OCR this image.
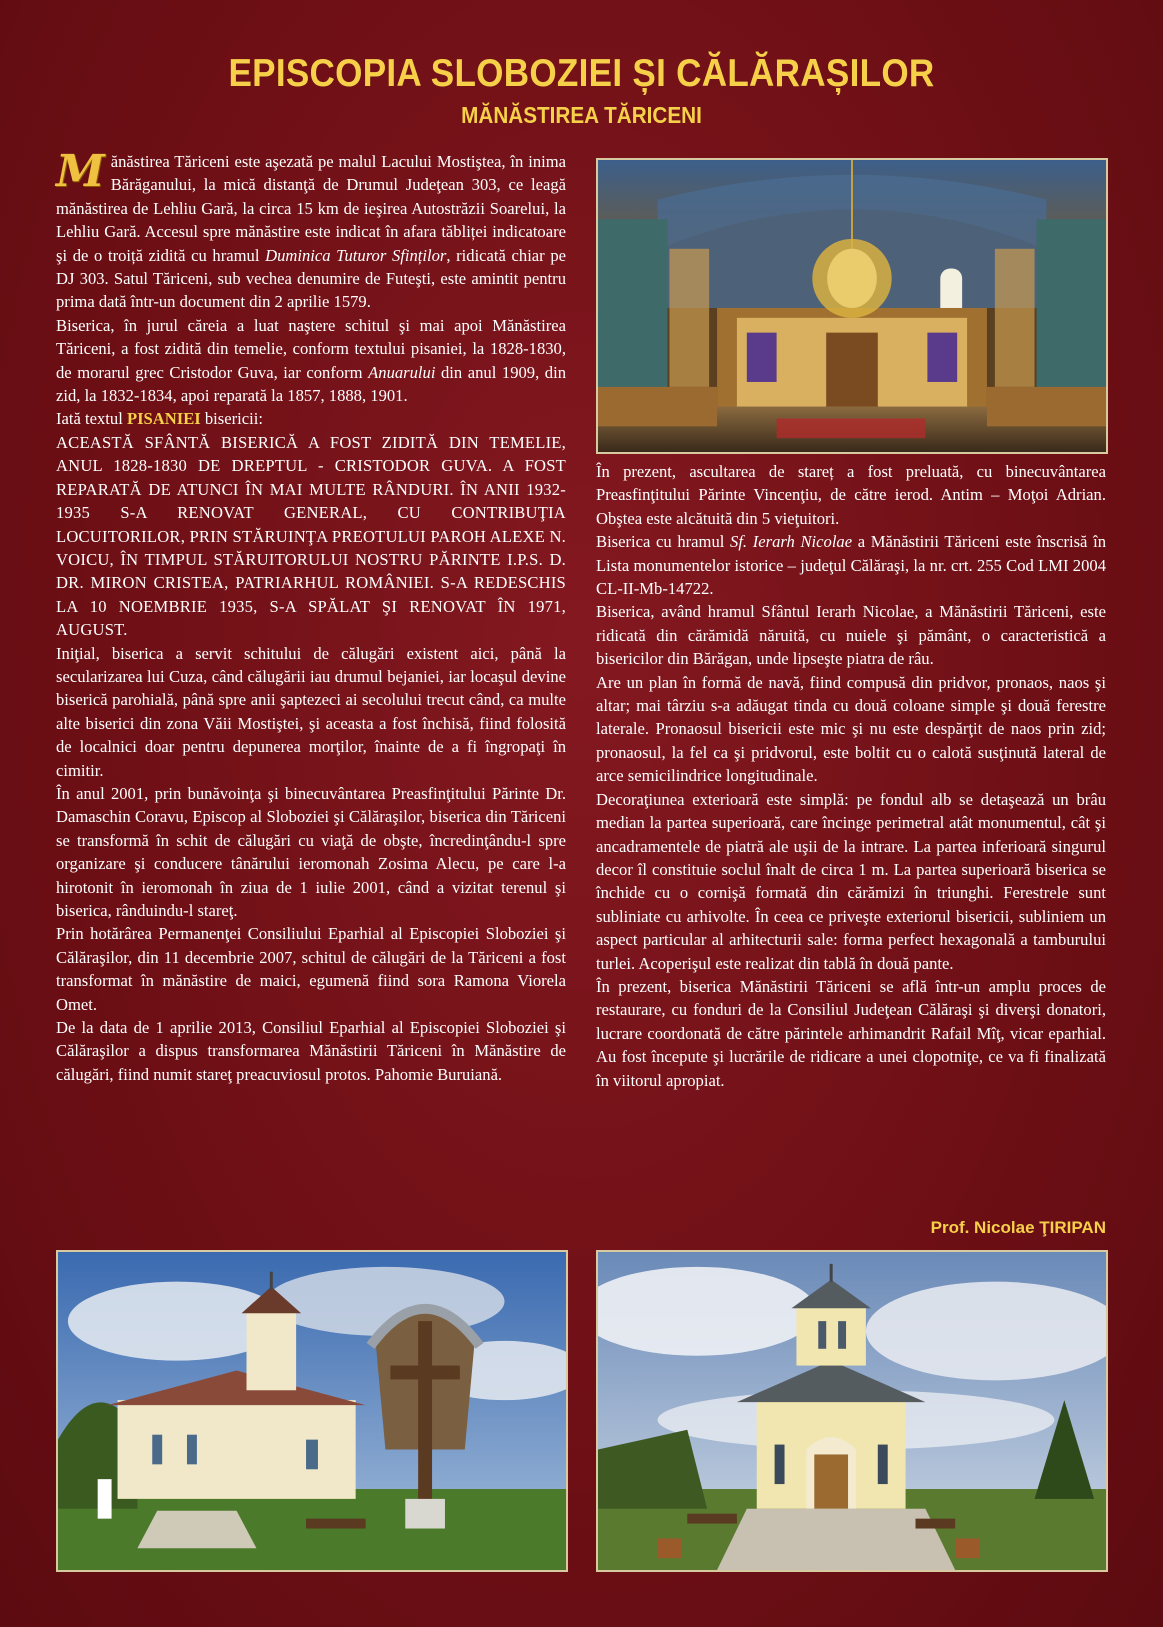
EPISCOPIA SLOBOZIEI ȘI CĂLĂRAȘILOR
MĂNĂSTIREA TĂRICENI

Mănăstirea Tăriceni este aşezată pe malul Lacului Mostiştea, în inima Bărăganului, la mică distanţă de Drumul Judeţean 303, ce leagă mănăstirea de Lehliu Gară, la circa 15 km de ieşirea Autostrăzii Soarelui, la Lehliu Gară. Accesul spre mănăstire este indicat în afara tăbliței indicatoare şi de o troiță zidită cu hramul Duminica Tuturor Sfinților, ridicată chiar pe DJ 303. Satul Tăriceni, sub vechea denumire de Futeşti, este amintit pentru prima dată într-un document din 2 aprilie 1579.

Biserica, în jurul căreia a luat naştere schitul şi mai apoi Mănăstirea Tăriceni, a fost zidită din temelie, conform textului pisaniei, la 1828-1830, de morarul grec Cristodor Guva, iar conform Anuarului din anul 1909, din zid, la 1832-1834, apoi reparată la 1857, 1888, 1901.

Iată textul PISANIEI bisericii:

ACEASTĂ SFÂNTĂ BISERICĂ A FOST ZIDITĂ DIN TEMELIE, ANUL 1828-1830 DE DREPTUL - CRISTODOR GUVA. A FOST REPARATĂ DE ATUNCI ÎN MAI MULTE RÂNDURI. ÎN ANII 1932-1935 S-A RENOVAT GENERAL, CU CONTRIBUŢIA LOCUITORILOR, PRIN STĂRUINŢA PREOTULUI PAROH ALEXE N. VOICU, ÎN TIMPUL STĂRUITORULUI NOSTRU PĂRINTE I.P.S. D. DR. MIRON CRISTEA, PATRIARHUL ROMÂNIEI. S-A REDESCHIS LA 10 NOEMBRIE 1935, S-A SPĂLAT ŞI RENOVAT ÎN 1971, AUGUST.

Iniţial, biserica a servit schitului de călugări existent aici, până la secularizarea lui Cuza, când călugării iau drumul bejaniei, iar locaşul devine biserică parohială, până spre anii şaptezeci ai secolului trecut când, ca multe alte biserici din zona Văii Mostiştei, şi aceasta a fost închisă, fiind folosită de localnici doar pentru depunerea morţilor, înainte de a fi îngropaţi în cimitir.

În anul 2001, prin bunăvoinţa şi binecuvântarea Preasfinţitului Părinte Dr. Damaschin Coravu, Episcop al Sloboziei şi Călăraşilor, biserica din Tăriceni se transformă în schit de călugări cu viaţă de obşte, încredinţându-l spre organizare şi conducere tânărului ieromonah Zosima Alecu, pe care l-a hirotonit în ieromonah în ziua de 1 iulie 2001, când a vizitat terenul şi biserica, rânduindu-l stareţ.

Prin hotărârea Permanenţei Consiliului Eparhial al Episcopiei Sloboziei şi Călăraşilor, din 11 decembrie 2007, schitul de călugări de la Tăriceni a fost transformat în mănăstire de maici, egumenă fiind sora Ramona Viorela Omet.

De la data de 1 aprilie 2013, Consiliul Eparhial al Episcopiei Sloboziei şi Călăraşilor a dispus transformarea Mănăstirii Tăriceni în Mănăstire de călugări, fiind numit stareţ preacuviosul protos. Pahomie Buruiană.

În prezent, ascultarea de stareț a fost preluată, cu binecuvântarea Preasfinţitului Părinte Vincenţiu, de către ierod. Antim – Moţoi Adrian. Obştea este alcătuită din 5 vieţuitori.

Biserica cu hramul Sf. Ierarh Nicolae a Mănăstirii Tăriceni este înscrisă în Lista monumentelor istorice – judeţul Călăraşi, la nr. crt. 255 Cod LMI 2004 CL-II-Mb-14722.

Biserica, având hramul Sfântul Ierarh Nicolae, a Mănăstirii Tăriceni, este ridicată din cărămidă năruită, cu nuiele şi pământ, o caracteristică a bisericilor din Bărăgan, unde lipseşte piatra de râu.

Are un plan în formă de navă, fiind compusă din pridvor, pronaos, naos şi altar; mai târziu s-a adăugat tinda cu două coloane simple şi două ferestre laterale. Pronaosul bisericii este mic şi nu este despărţit de naos prin zid; pronaosul, la fel ca şi pridvorul, este boltit cu o calotă susţinută lateral de arce semicilindrice longitudinale.

Decoraţiunea exterioară este simplă: pe fondul alb se detaşează un brâu median la partea superioară, care încinge perimetral atât monumentul, cât şi ancadramentele de piatră ale uşii de la intrare. La partea inferioară singurul decor îl constituie soclul înalt de circa 1 m. La partea superioară biserica se închide cu o cornişă formată din cărămizi în triunghi. Ferestrele sunt subliniate cu arhivolte. În ceea ce priveşte exteriorul bisericii, subliniem un aspect particular al arhitecturii sale: forma perfect hexagonală a tamburului turlei. Acoperişul este realizat din tablă în două pante.

În prezent, biserica Mănăstirii Tăriceni se află într-un amplu proces de restaurare, cu fonduri de la Consiliul Judeţean Călăraşi şi diverşi donatori, lucrare coordonată de către părintele arhimandrit Rafail Mîţ, vicar eparhial. Au fost începute şi lucrările de ridicare a unei clopotniţe, ce va fi finalizată în viitorul apropiat.

Prof. Nicolae ŢIRIPAN
